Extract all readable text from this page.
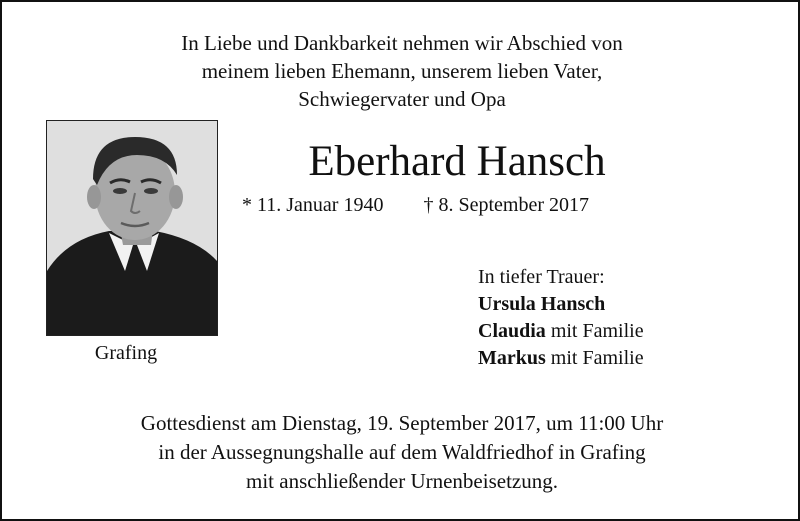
In Liebe und Dankbarkeit nehmen wir Abschied von
meinem lieben Ehemann, unserem lieben Vater,
Schwiegervater und Opa
Grafing
Eberhard Hansch
* 11. Januar 1940 † 8. September 2017
In tiefer Trauer:
Ursula Hansch
Claudia mit Familie
Markus mit Familie
Gottesdienst am Dienstag, 19. September 2017, um 11:00 Uhr
in der Aussegnungshalle auf dem Waldfriedhof in Grafing
mit anschließender Urnenbeisetzung.
